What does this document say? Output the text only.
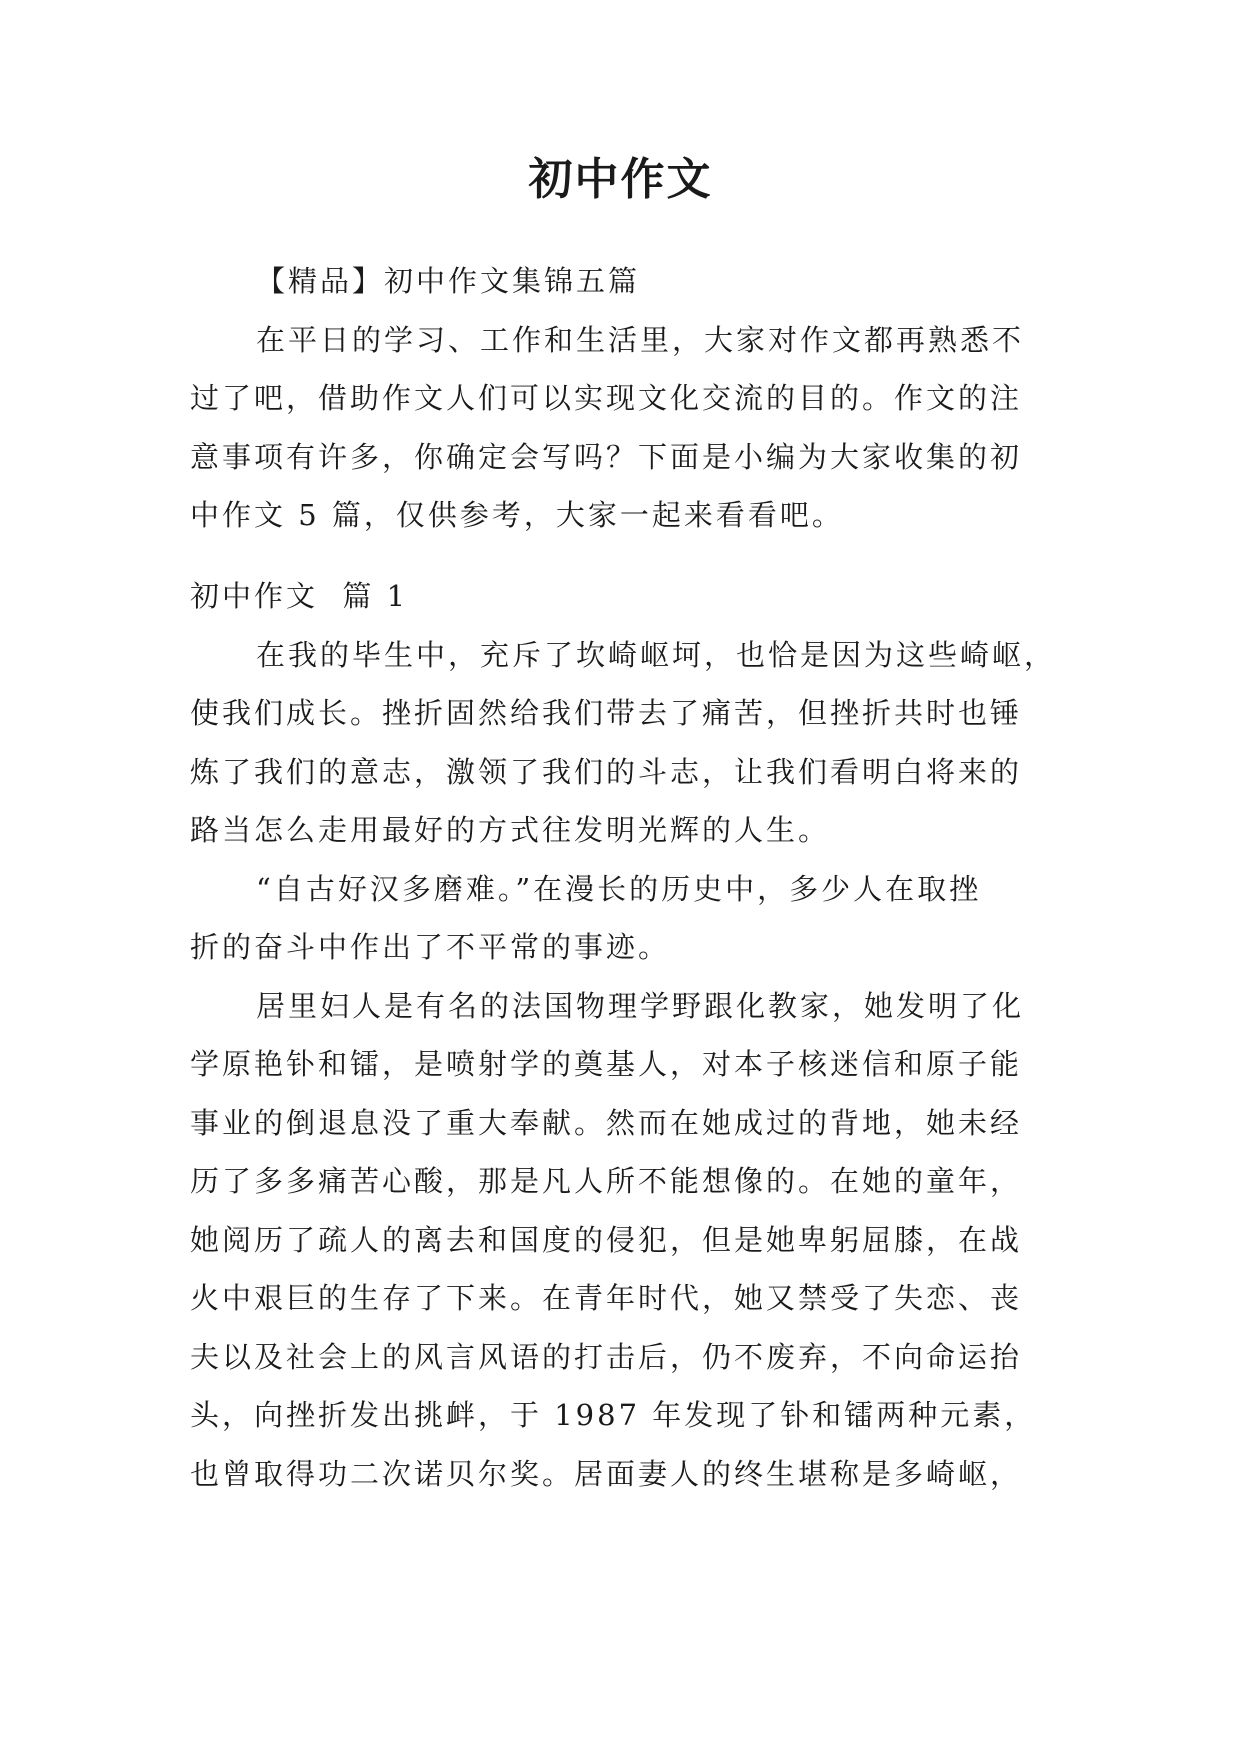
初中作文
【精品】初中作文集锦五篇
在平日的学习、工作和生活里，大家对作文都再熟悉不
过了吧，借助作文人们可以实现文化交流的目的。作文的注
意事项有许多，你确定会写吗？下面是小编为大家收集的初
中作文 5 篇，仅供参考，大家一起来看看吧。
初中作文  篇 1
在我的毕生中，充斥了坎崎岖坷，也恰是因为这些崎岖，
使我们成长。挫折固然给我们带去了痛苦，但挫折共时也锤
炼了我们的意志，激领了我们的斗志，让我们看明白将来的
路当怎么走用最好的方式往发明光辉的人生。
“自古好汉多磨难。”在漫长的历史中，多少人在取挫
折的奋斗中作出了不平常的事迹。
居里妇人是有名的法国物理学野跟化教家，她发明了化
学原艳钋和镭，是喷射学的奠基人，对本子核迷信和原子能
事业的倒退息没了重大奉献。然而在她成过的背地，她未经
历了多多痛苦心酸，那是凡人所不能想像的。在她的童年，
她阅历了疏人的离去和国度的侵犯，但是她卑躬屈膝，在战
火中艰巨的生存了下来。在青年时代，她又禁受了失恋、丧
夫以及社会上的风言风语的打击后，仍不废弃，不向命运抬
头，向挫折发出挑衅，于 1987 年发现了钋和镭两种元素，
也曾取得功二次诺贝尔奖。居面妻人的终生堪称是多崎岖，
